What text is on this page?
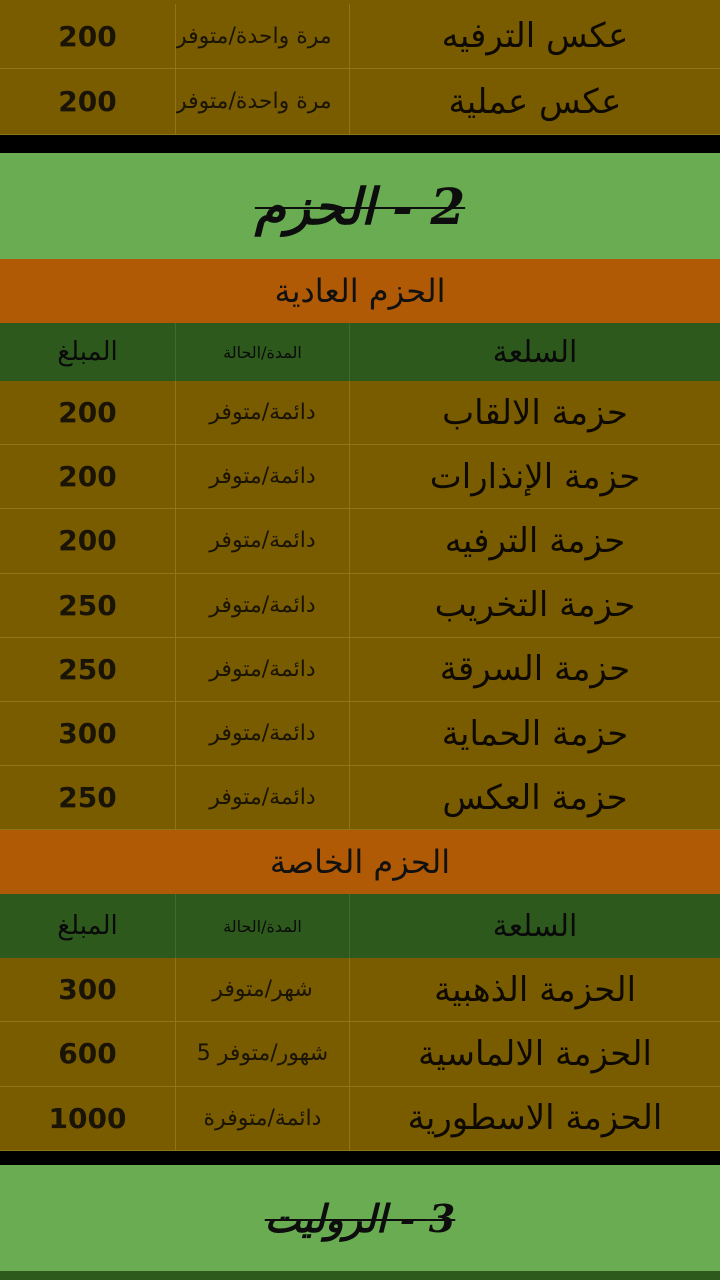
200	مرة واحدة/متوفر	عكس الترفيه
200	مرة واحدة/متوفر	عكس عملية
2 - الحزم
الحزم العادية
المبلغ	المدة/الحالة	السلعة
200	دائمة/متوفر	حزمة الالقاب
200	دائمة/متوفر	حزمة الإنذارات
200	دائمة/متوفر	حزمة الترفيه
250	دائمة/متوفر	حزمة التخريب
250	دائمة/متوفر	حزمة السرقة
300	دائمة/متوفر	حزمة الحماية
250	دائمة/متوفر	حزمة العكس
الحزم الخاصة
المبلغ	المدة/الحالة	السلعة
300	شهر/متوفر	الحزمة الذهبية
600	5 شهور/متوفر	الحزمة الالماسية
1000	دائمة/متوفرة	الحزمة الاسطورية
3 - الروليت
